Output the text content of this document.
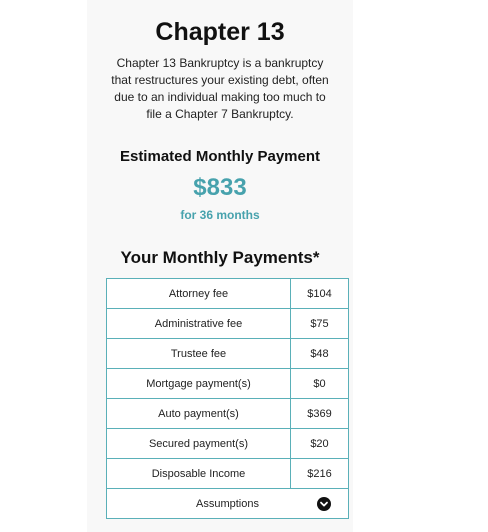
Chapter 13
Chapter 13 Bankruptcy is a bankruptcy that restructures your existing debt, often due to an individual making too much to file a Chapter 7 Bankruptcy.
Estimated Monthly Payment
$833
for 36 months
Your Monthly Payments*
Attorney fee	$104
Administrative fee	$75
Trustee fee	$48
Mortgage payment(s)	$0
Auto payment(s)	$369
Secured payment(s)	$20
Disposable Income	$216
Assumptions	
